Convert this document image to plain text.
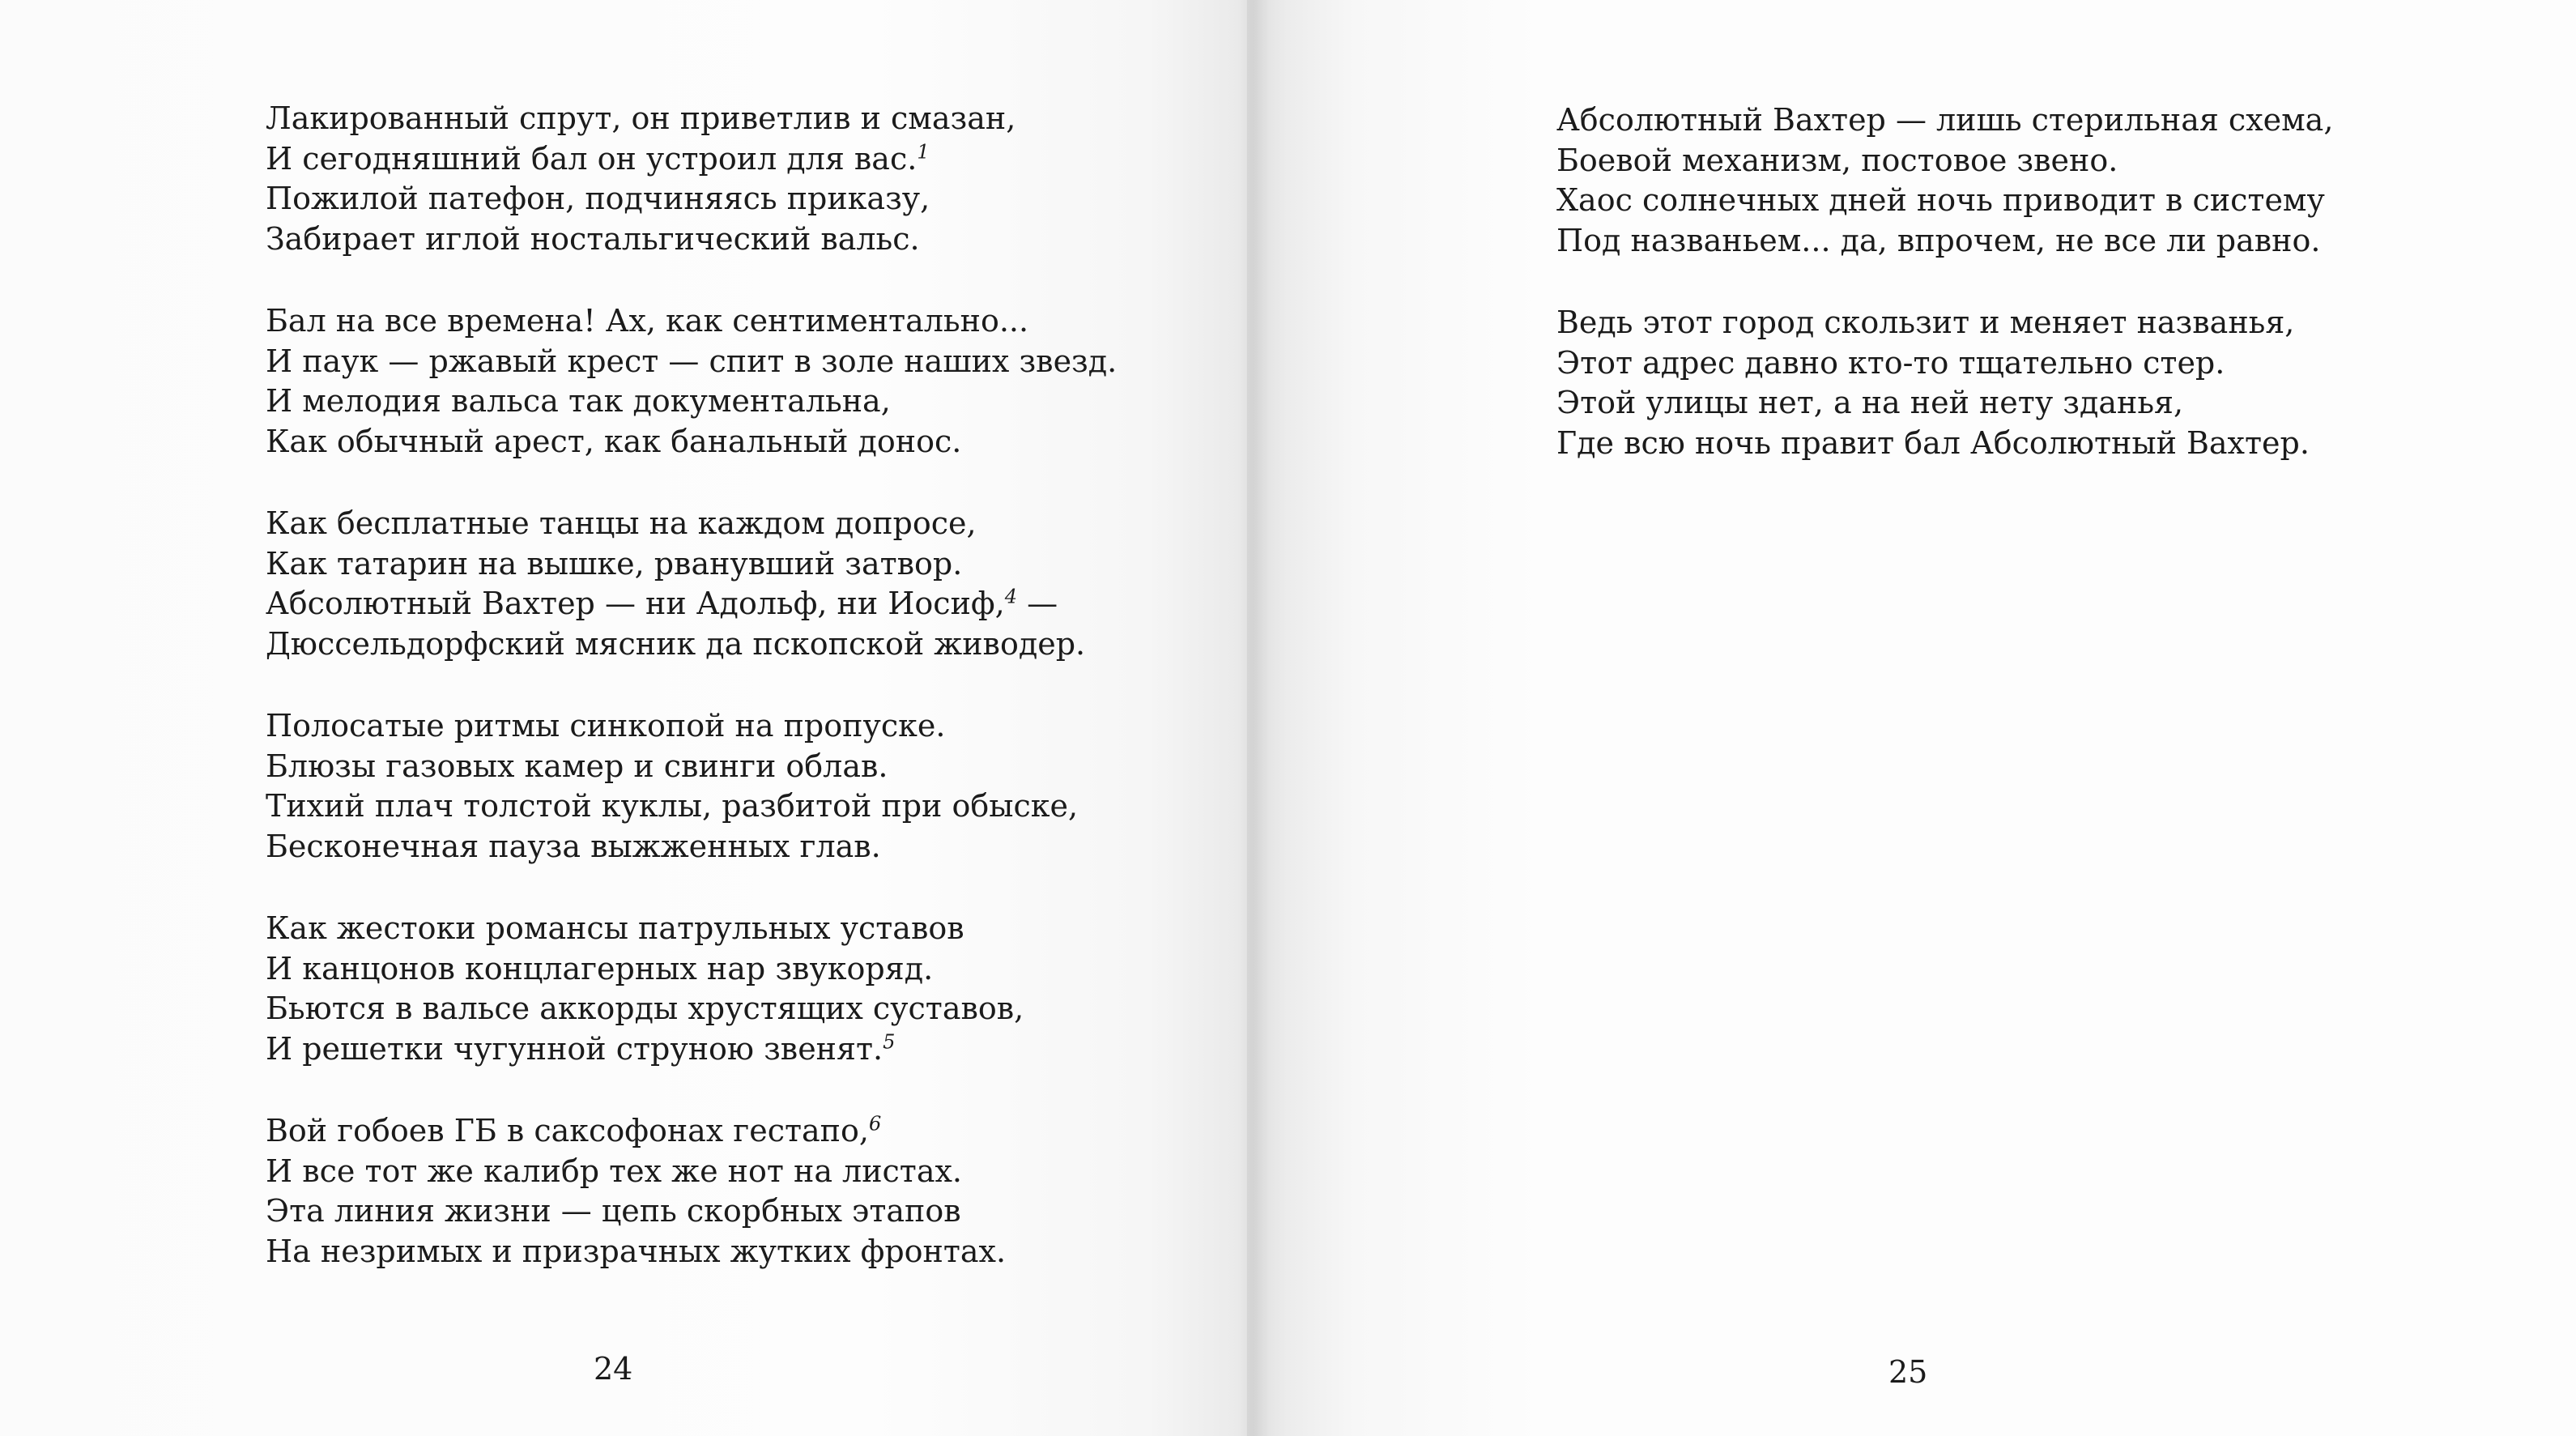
Лакированный спрут, он приветлив и смазан,
И сегодняшний бал он устроил для вас.$^1$
Пожилой патефон, подчиняясь приказу,
Забирает иглой ностальгический вальс.
Бал на все времена! Ах, как сентиментально...
И паук — ржавый крест — спит в золе наших звезд.
И мелодия вальса так документальна,
Как обычный арест, как банальный донос.
Как бесплатные танцы на каждом допросе,
Как татарин на вышке, рванувший затвор.
Абсолютный Вахтер — ни Адольф, ни Иосиф,$^4$ —
Дюссельдорфский мясник да пскопской живодер.
Полосатые ритмы синкопой на пропуске.
Блюзы газовых камер и свинги облав.
Тихий плач толстой куклы, разбитой при обыске,
Бесконечная пауза выжженных глав.
Как жестоки романсы патрульных уставов
И канцонов концлагерных нар звукоряд.
Бьются в вальсе аккорды хрустящих суставов,
И решетки чугунной струною звенят.$^5$
Вой гобоев ГБ в саксофонах гестапо,$^6$
И все тот же калибр тех же нот на листах.
Эта линия жизни — цепь скорбных этапов
На незримых и призрачных жутких фронтах.
24
Абсолютный Вахтер — лишь стерильная схема,
Боевой механизм, постовое звено.
Хаос солнечных дней ночь приводит в систему
Под названьем... да, впрочем, не все ли равно.
Ведь этот город скользит и меняет названья,
Этот адрес давно кто-то тщательно стер.
Этой улицы нет, а на ней нету зданья,
Где всю ночь правит бал Абсолютный Вахтер.
25
